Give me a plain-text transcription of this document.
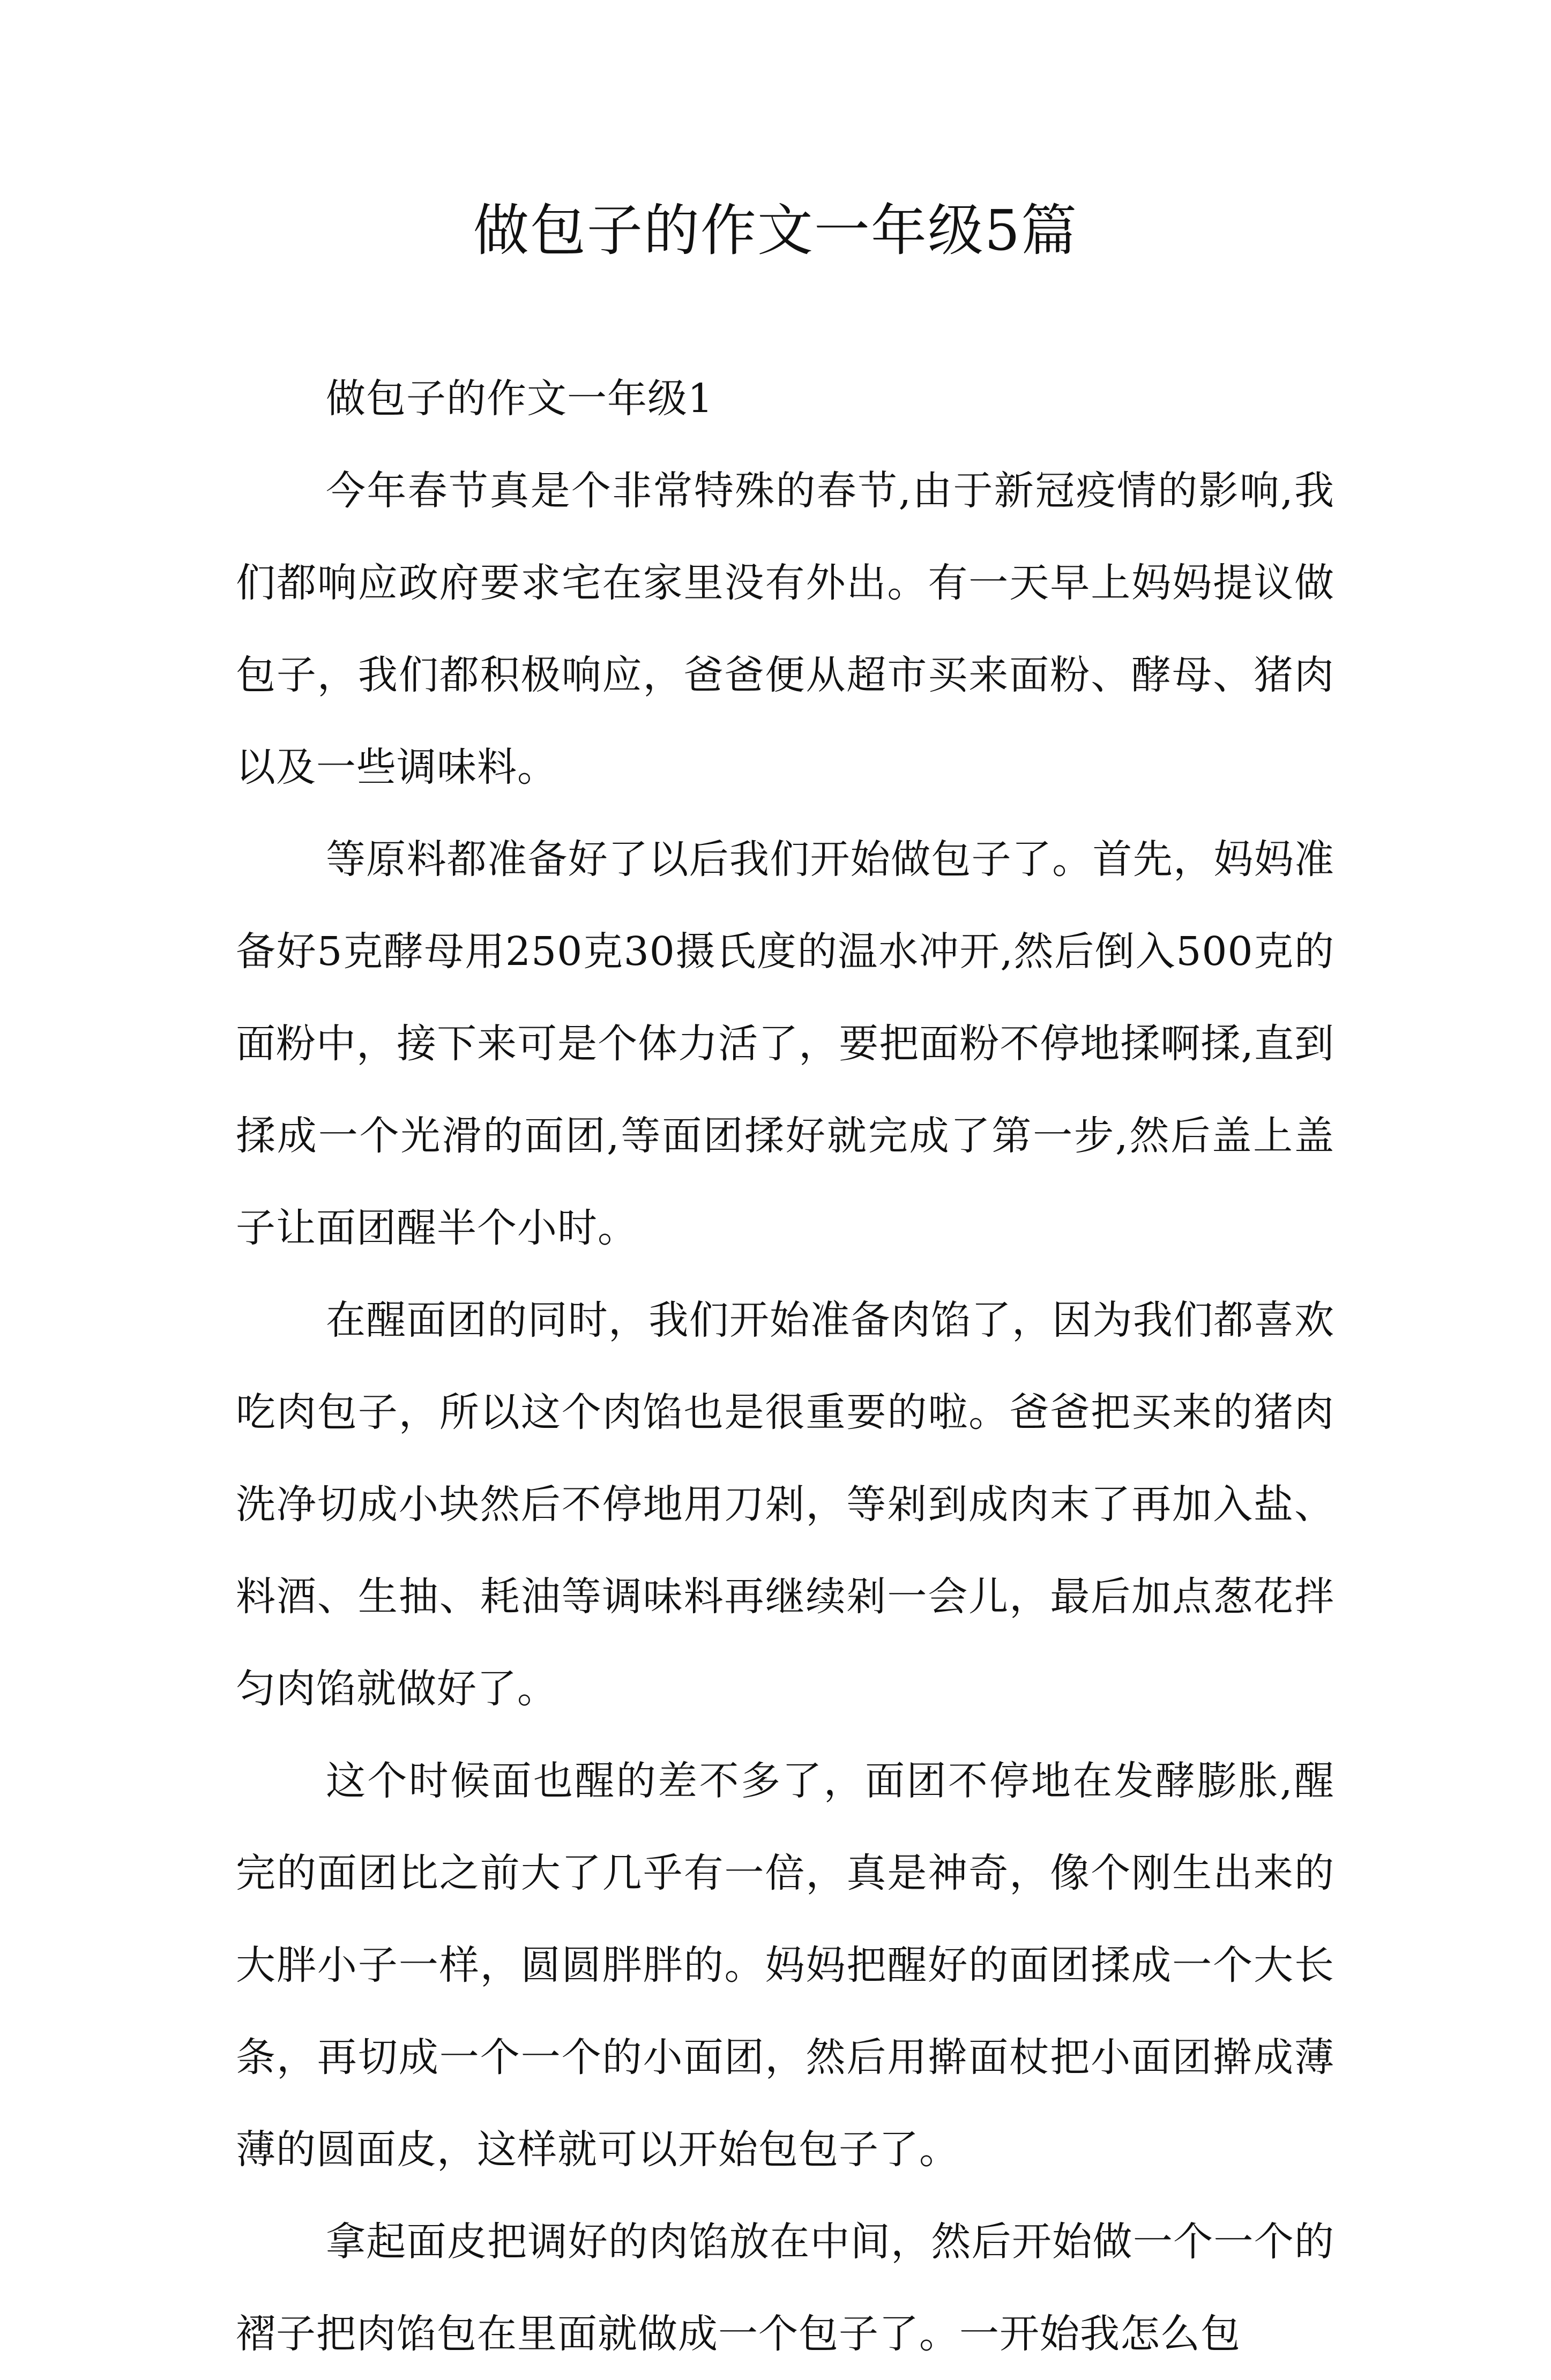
做包子的作文一年级5篇

做包子的作文一年级1

今年春节真是个非常特殊的春节,由于新冠疫情的影响,我们都响应政府要求宅在家里没有外出。有一天早上妈妈提议做包子，我们都积极响应，爸爸便从超市买来面粉、酵母、猪肉以及一些调味料。

等原料都准备好了以后我们开始做包子了。首先，妈妈准备好5克酵母用250克30摄氏度的温水冲开,然后倒入500克的面粉中，接下来可是个体力活了，要把面粉不停地揉啊揉,直到揉成一个光滑的面团,等面团揉好就完成了第一步,然后盖上盖子让面团醒半个小时。

在醒面团的同时，我们开始准备肉馅了，因为我们都喜欢吃肉包子，所以这个肉馅也是很重要的啦。爸爸把买来的猪肉洗净切成小块然后不停地用刀剁，等剁到成肉末了再加入盐、料酒、生抽、耗油等调味料再继续剁一会儿，最后加点葱花拌匀肉馅就做好了。

这个时候面也醒的差不多了，面团不停地在发酵膨胀,醒完的面团比之前大了几乎有一倍，真是神奇，像个刚生出来的大胖小子一样，圆圆胖胖的。妈妈把醒好的面团揉成一个大长条，再切成一个一个的小面团，然后用擀面杖把小面团擀成薄薄的圆面皮，这样就可以开始包包子了。

拿起面皮把调好的肉馅放在中间，然后开始做一个一个的褶子把肉馅包在里面就做成一个包子了。一开始我怎么包
